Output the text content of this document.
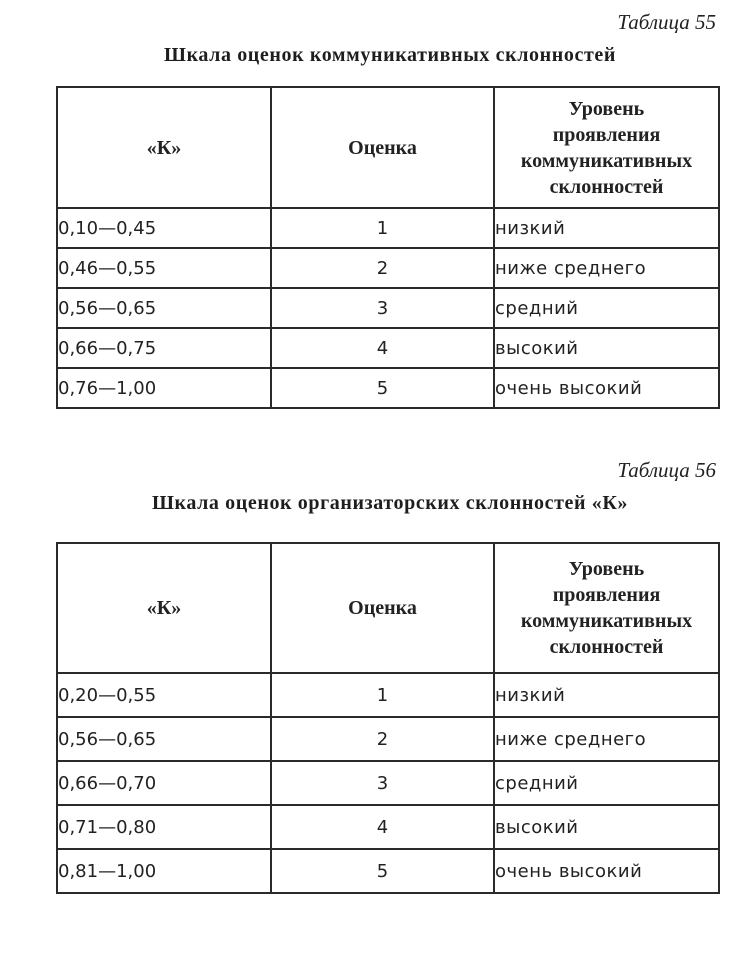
Таблица 55
Шкала оценок коммуникативных склонностей
«К»	Оценка	Уровень
проявления
коммуникативных
склонностей

0,10—0,45	1	низкий
0,46—0,55	2	ниже среднего
0,56—0,65	3	средний
0,66—0,75	4	высокий
0,76—1,00	5	очень высокий
Таблица 56
Шкала оценок организаторских склонностей «К»
«К»	Оценка	Уровень
проявления
коммуникативных
склонностей

0,20—0,55	1	низкий
0,56—0,65	2	ниже среднего
0,66—0,70	3	средний
0,71—0,80	4	высокий
0,81—1,00	5	очень высокий
